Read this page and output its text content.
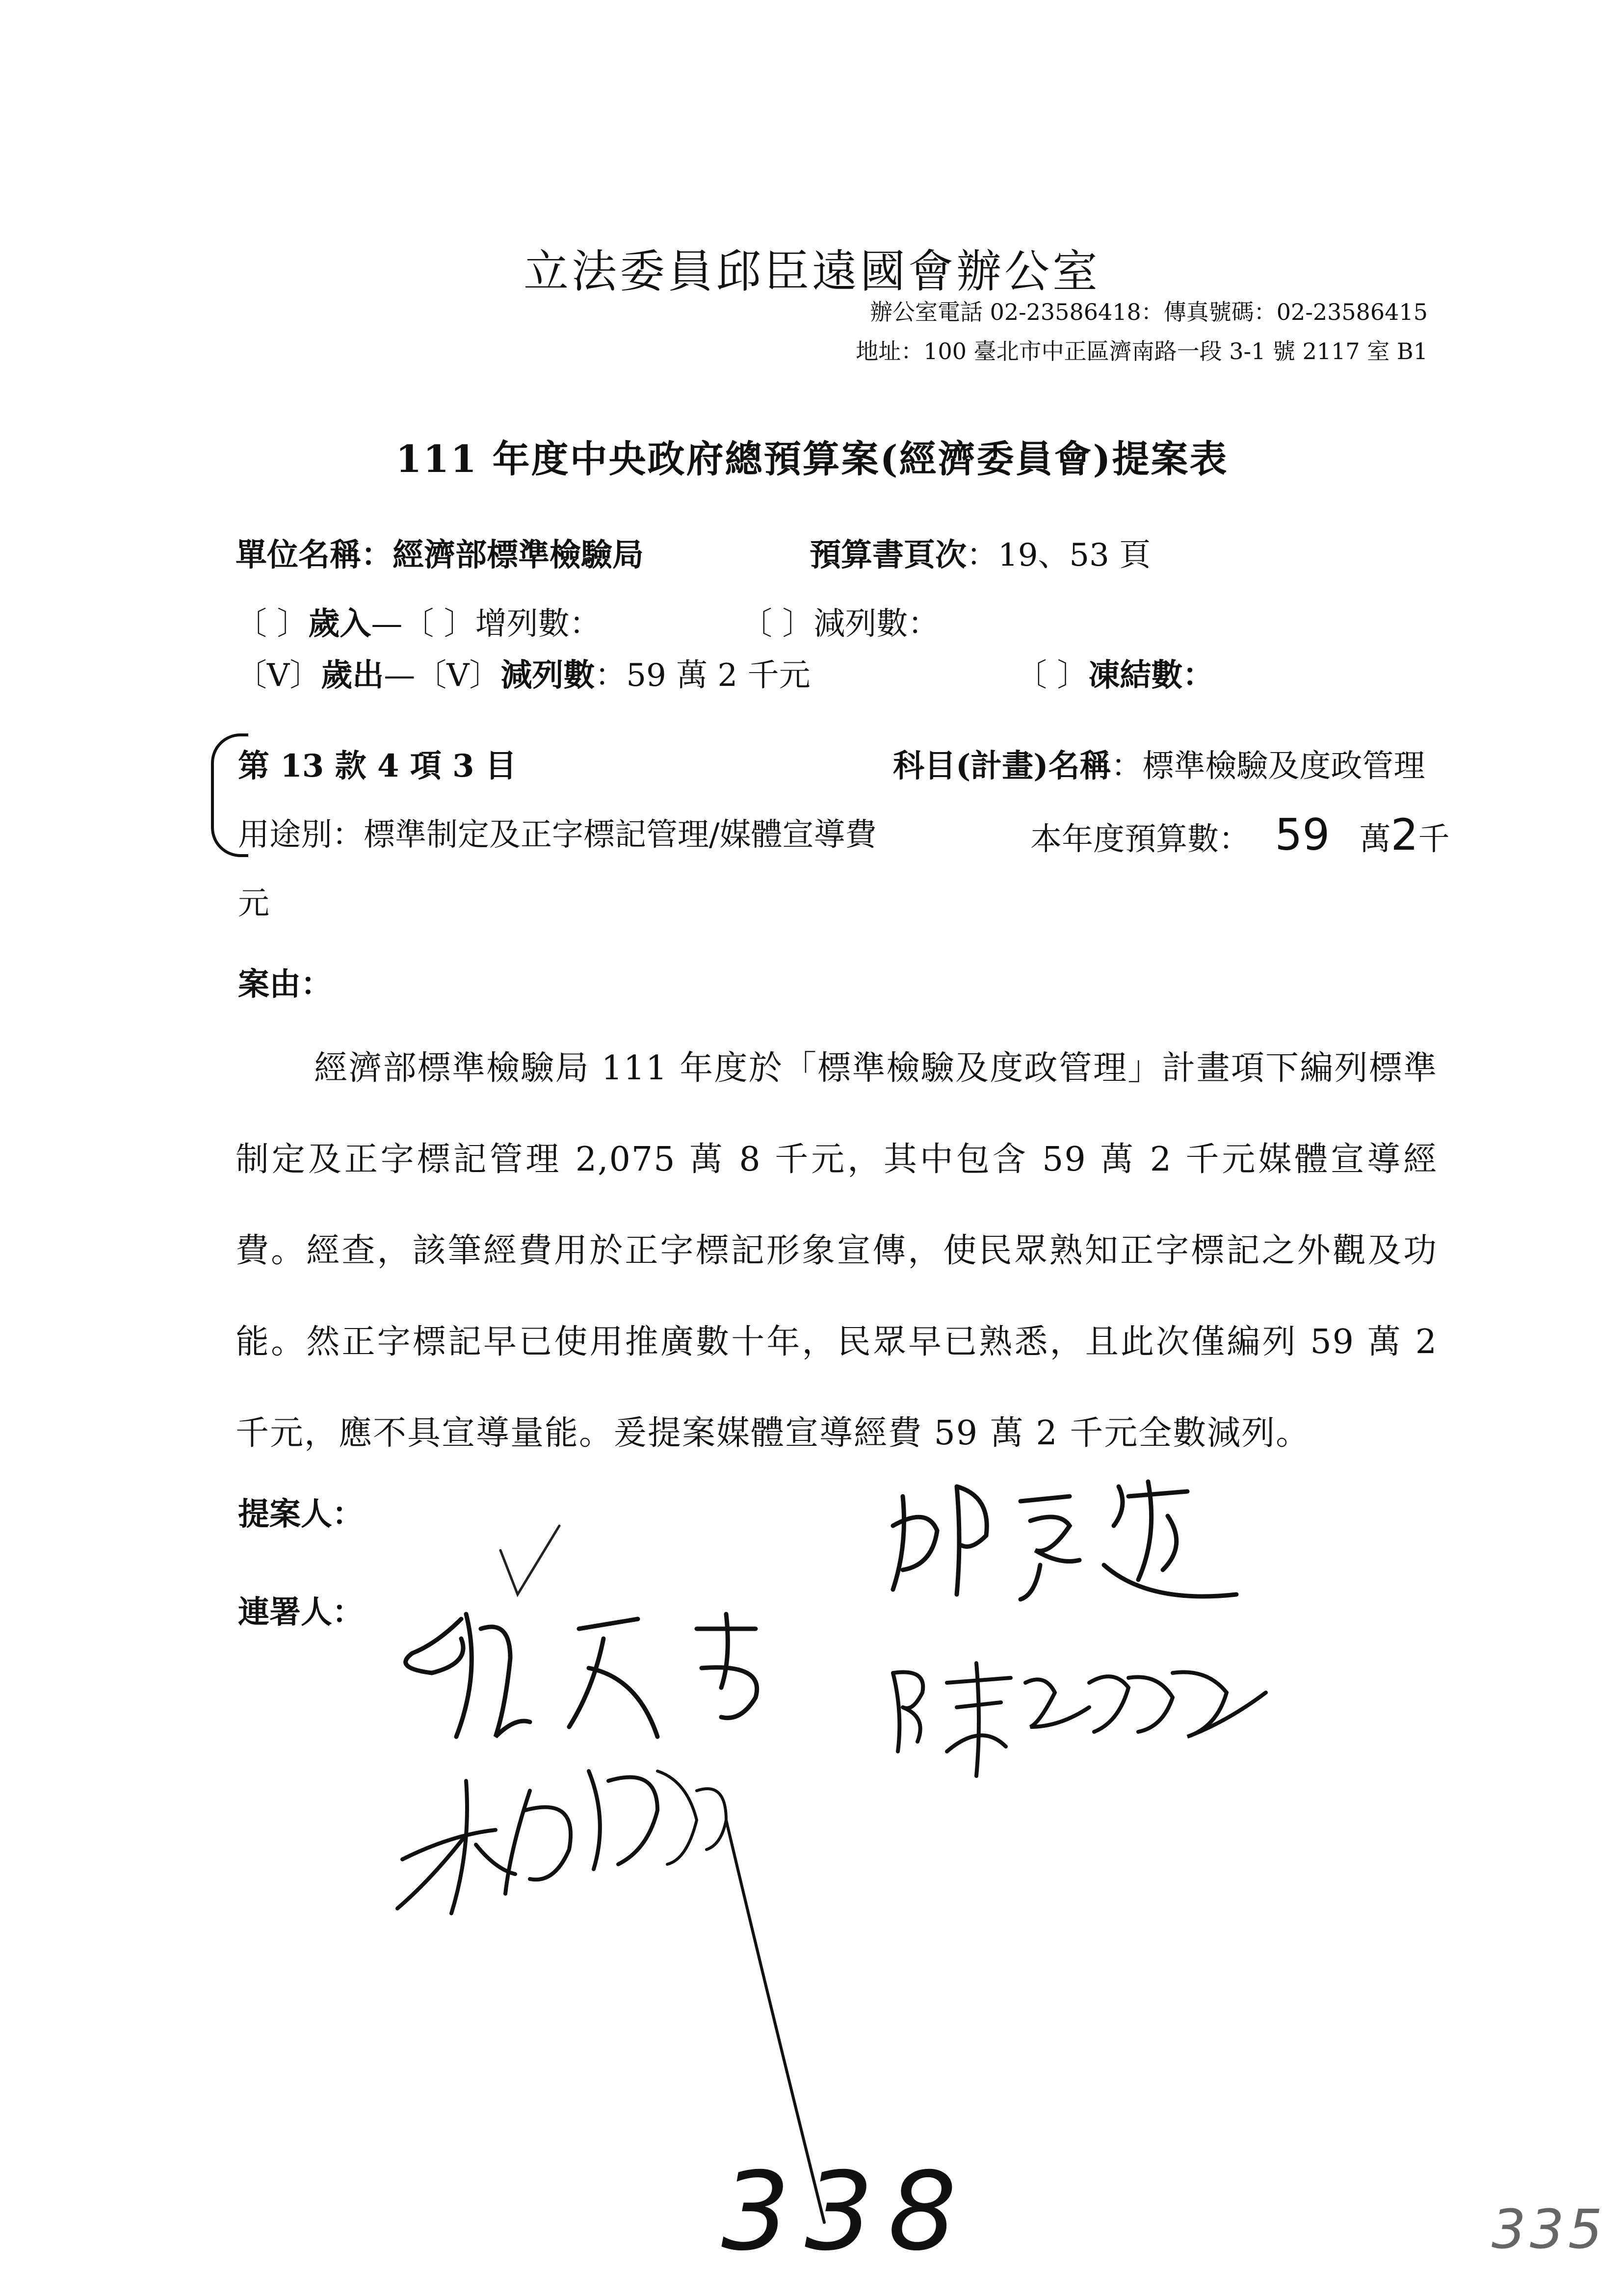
立法委員邱臣遠國會辦公室
辦公室電話 02-23586418：傳真號碼：02-23586415
地址：100 臺北市中正區濟南路一段 3-1 號 2117 室 B1
111 年度中央政府總預算案(經濟委員會)提案表
單位名稱：經濟部標準檢驗局	預算書頁次：19、53 頁
〔 〕歲入—〔 〕增列數：	〔 〕減列數：
〔V〕歲出—〔V〕減列數：59 萬 2 千元	〔 〕凍結數：
第 13 款 4 項 3 目	科目(計畫)名稱：標準檢驗及度政管理
用途別：標準制定及正字標記管理/媒體宣導費	本年度預算數： 59 萬2千
元
案由：
經濟部標準檢驗局 111 年度於「標準檢驗及度政管理」計畫項下編列標準制定及正字標記管理 2,075 萬 8 千元，其中包含 59 萬 2 千元媒體宣導經費。經查，該筆經費用於正字標記形象宣傳，使民眾熟知正字標記之外觀及功能。然正字標記早已使用推廣數十年，民眾早已熟悉，且此次僅編列 59 萬 2 千元，應不具宣導量能。爰提案媒體宣導經費 59 萬 2 千元全數減列。
提案人：
連署人：
338	335
